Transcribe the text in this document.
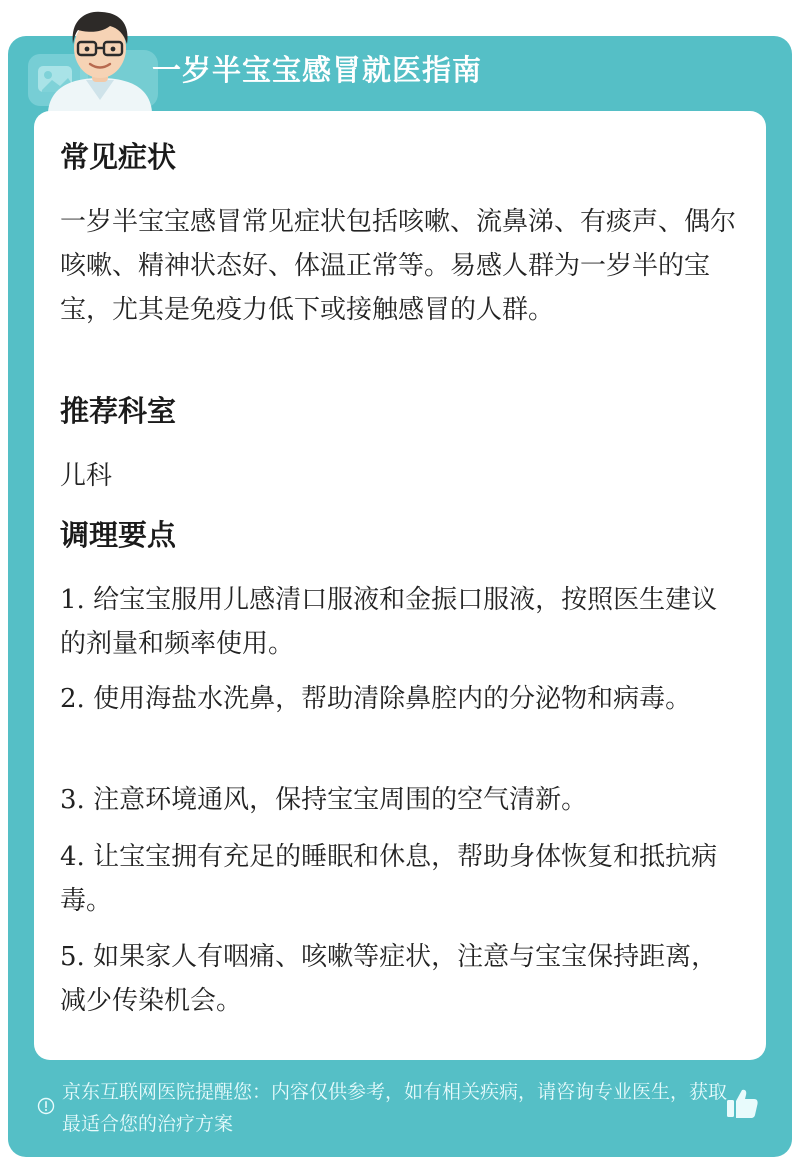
一岁半宝宝感冒就医指南
常见症状

一岁半宝宝感冒常见症状包括咳嗽、流鼻涕、有痰声、偶尔咳嗽、精神状态好、体温正常等。易感人群为一岁半的宝宝，尤其是免疫力低下或接触感冒的人群。

推荐科室

儿科

调理要点

1. 给宝宝服用儿感清口服液和金振口服液，按照医生建议的剂量和频率使用。

2. 使用海盐水洗鼻，帮助清除鼻腔内的分泌物和病毒。

3. 注意环境通风，保持宝宝周围的空气清新。

4. 让宝宝拥有充足的睡眠和休息，帮助身体恢复和抵抗病毒。

5. 如果家人有咽痛、咳嗽等症状，注意与宝宝保持距离，减少传染机会。

京东互联网医院提醒您：内容仅供参考，如有相关疾病，请咨询专业医生，获取最适合您的治疗方案
